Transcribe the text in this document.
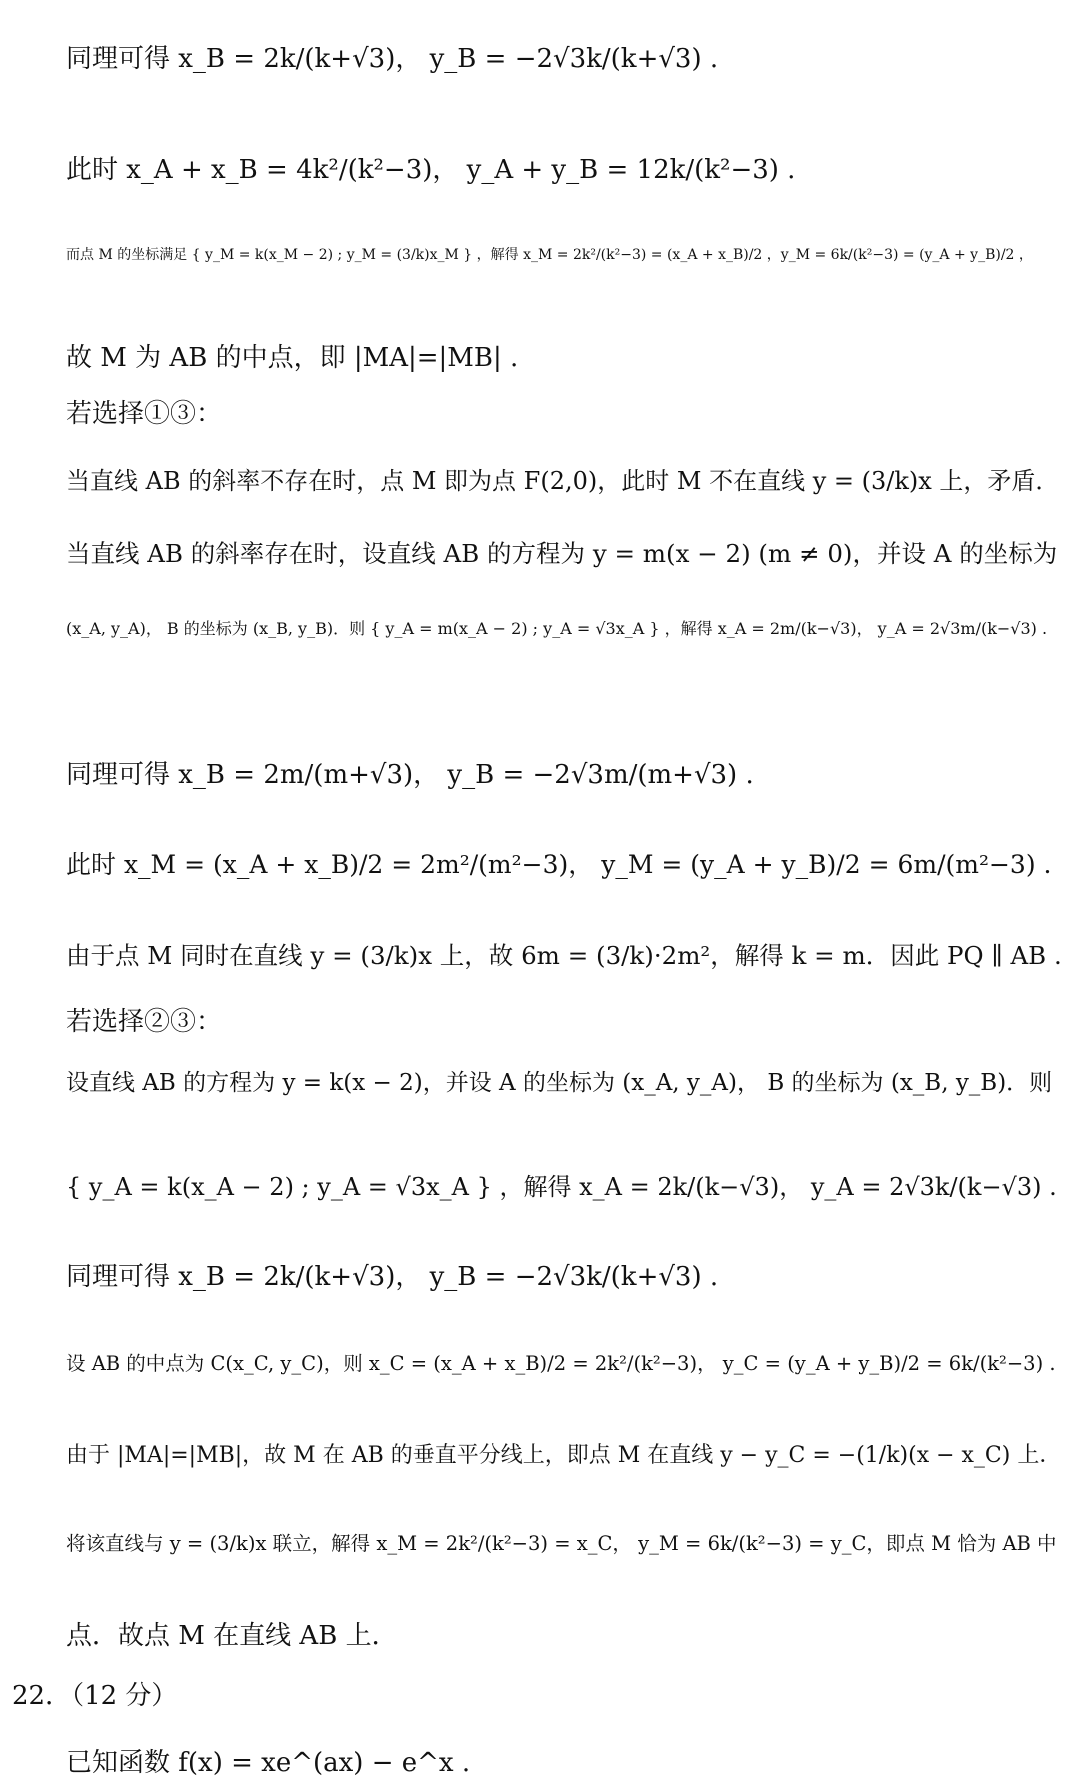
同理可得 x_B = 2k/(k+√3)， y_B = −2√3k/(k+√3) .
此时 x_A + x_B = 4k²/(k²−3)， y_A + y_B = 12k/(k²−3) .
而点 M 的坐标满足 { y_M = k(x_M − 2) ; y_M = (3/k)x_M } ，解得 x_M = 2k²/(k²−3) = (x_A + x_B)/2 ，y_M = 6k/(k²−3) = (y_A + y_B)/2 ，
故 M 为 AB 的中点，即 |MA|=|MB| .
若选择①③：
当直线 AB 的斜率不存在时，点 M 即为点 F(2,0)，此时 M 不在直线 y = (3/k)x 上，矛盾．
当直线 AB 的斜率存在时，设直线 AB 的方程为 y = m(x − 2) (m ≠ 0)，并设 A 的坐标为
(x_A, y_A)， B 的坐标为 (x_B, y_B)．则 { y_A = m(x_A − 2) ; y_A = √3x_A } ，解得 x_A = 2m/(k−√3)， y_A = 2√3m/(k−√3) .
同理可得 x_B = 2m/(m+√3)， y_B = −2√3m/(m+√3) .
此时 x_M = (x_A + x_B)/2 = 2m²/(m²−3)， y_M = (y_A + y_B)/2 = 6m/(m²−3) .
由于点 M 同时在直线 y = (3/k)x 上，故 6m = (3/k)·2m²，解得 k = m．因此 PQ ∥ AB .
若选择②③：
设直线 AB 的方程为 y = k(x − 2)，并设 A 的坐标为 (x_A, y_A)， B 的坐标为 (x_B, y_B)．则
{ y_A = k(x_A − 2) ; y_A = √3x_A } ，解得 x_A = 2k/(k−√3)， y_A = 2√3k/(k−√3) .
同理可得 x_B = 2k/(k+√3)， y_B = −2√3k/(k+√3) .
设 AB 的中点为 C(x_C, y_C)，则 x_C = (x_A + x_B)/2 = 2k²/(k²−3)， y_C = (y_A + y_B)/2 = 6k/(k²−3) .
由于 |MA|=|MB|，故 M 在 AB 的垂直平分线上，即点 M 在直线 y − y_C = −(1/k)(x − x_C) 上．
将该直线与 y = (3/k)x 联立，解得 x_M = 2k²/(k²−3) = x_C， y_M = 6k/(k²−3) = y_C，即点 M 恰为 AB 中
点．故点 M 在直线 AB 上．
22．（12 分）
已知函数 f(x) = xe^(ax) − e^x .
